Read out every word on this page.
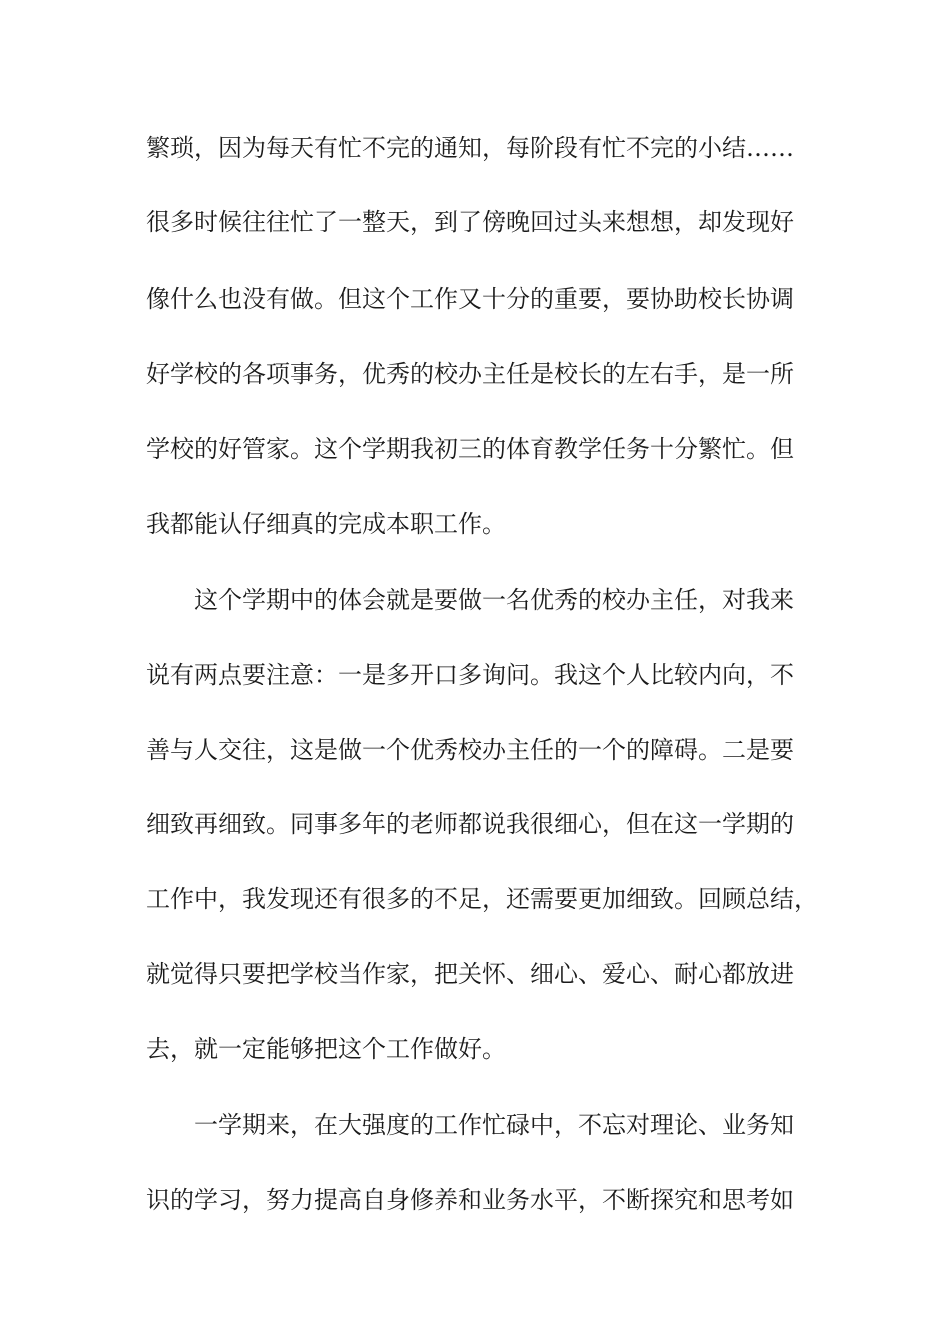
繁琐，因为每天有忙不完的通知，每阶段有忙不完的小结……
很多时候往往忙了一整天，到了傍晚回过头来想想，却发现好
像什么也没有做。但这个工作又十分的重要，要协助校长协调
好学校的各项事务，优秀的校办主任是校长的左右手，是一所
学校的好管家。这个学期我初三的体育教学任务十分繁忙。但
我都能认仔细真的完成本职工作。
这个学期中的体会就是要做一名优秀的校办主任，对我来
说有两点要注意：一是多开口多询问。我这个人比较内向，不
善与人交往，这是做一个优秀校办主任的一个的障碍。二是要
细致再细致。同事多年的老师都说我很细心，但在这一学期的
工作中，我发现还有很多的不足，还需要更加细致。回顾总结，
就觉得只要把学校当作家，把关怀、细心、爱心、耐心都放进
去，就一定能够把这个工作做好。
一学期来，在大强度的工作忙碌中，不忘对理论、业务知
识的学习，努力提高自身修养和业务水平，不断探究和思考如
